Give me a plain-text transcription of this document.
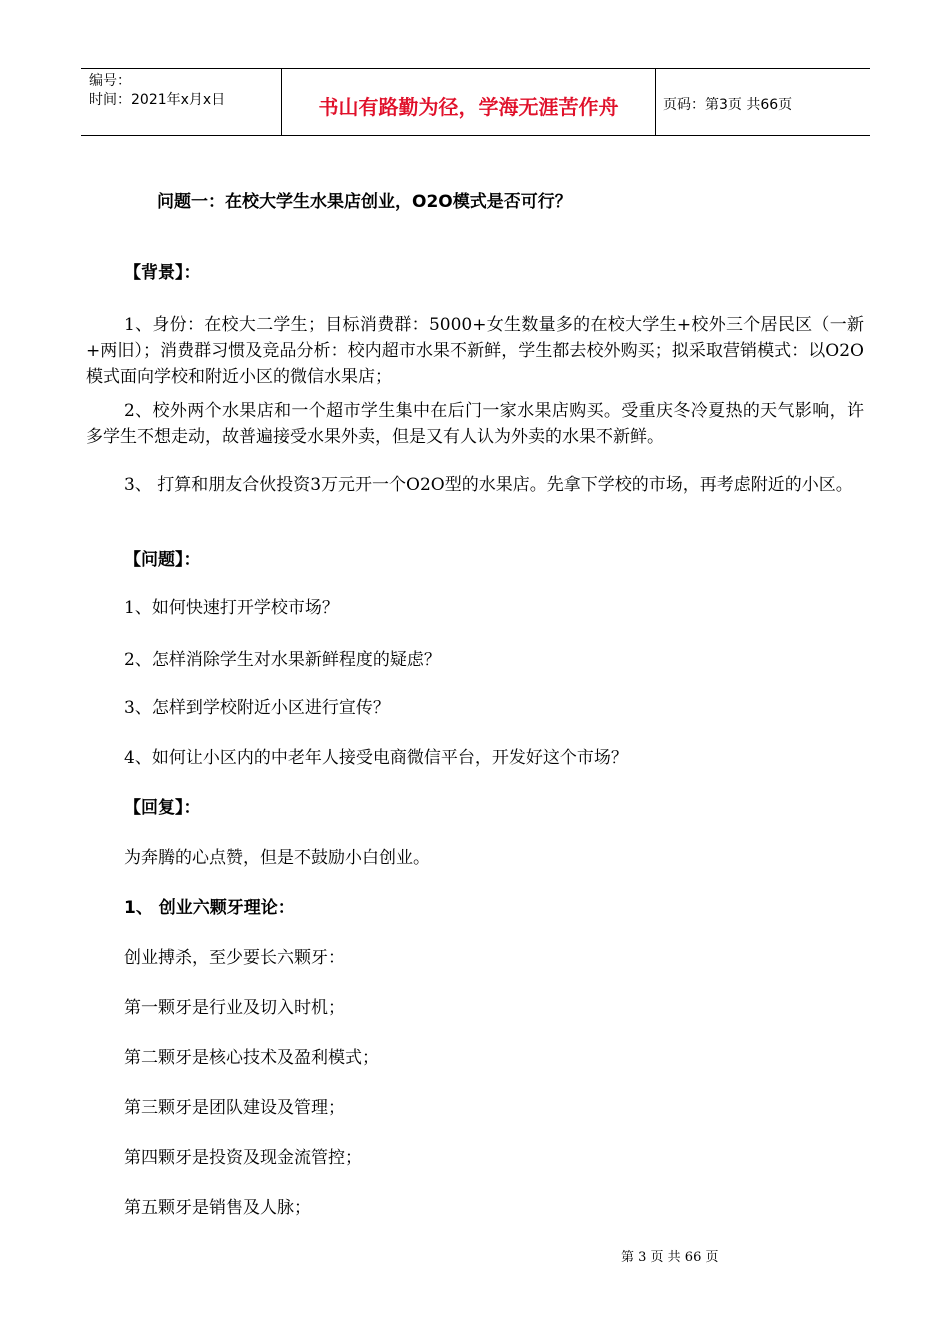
编号：
时间：2021年x月x日	书山有路勤为径，学海无涯苦作舟	页码：第3页 共66页
问题一：在校大学生水果店创业，O2O模式是否可行？
【背景】：
1、身份：在校大二学生；目标消费群：5000+女生数量多的在校大学生+校外三个居民区（一新+两旧）；消费群习惯及竞品分析：校内超市水果不新鲜，学生都去校外购买；拟采取营销模式：以O2O模式面向学校和附近小区的微信水果店；
2、校外两个水果店和一个超市学生集中在后门一家水果店购买。受重庆冬冷夏热的天气影响，许多学生不想走动，故普遍接受水果外卖，但是又有人认为外卖的水果不新鲜。
3、 打算和朋友合伙投资3万元开一个O2O型的水果店。先拿下学校的市场，再考虑附近的小区。
【问题】：
1、如何快速打开学校市场？
2、怎样消除学生对水果新鲜程度的疑虑？
3、怎样到学校附近小区进行宣传？
4、如何让小区内的中老年人接受电商微信平台，开发好这个市场？
【回复】：
为奔腾的心点赞，但是不鼓励小白创业。
1、 创业六颗牙理论：
创业搏杀，至少要长六颗牙：
第一颗牙是行业及切入时机；
第二颗牙是核心技术及盈利模式；
第三颗牙是团队建设及管理；
第四颗牙是投资及现金流管控；
第五颗牙是销售及人脉；
第 3 页 共 66 页
